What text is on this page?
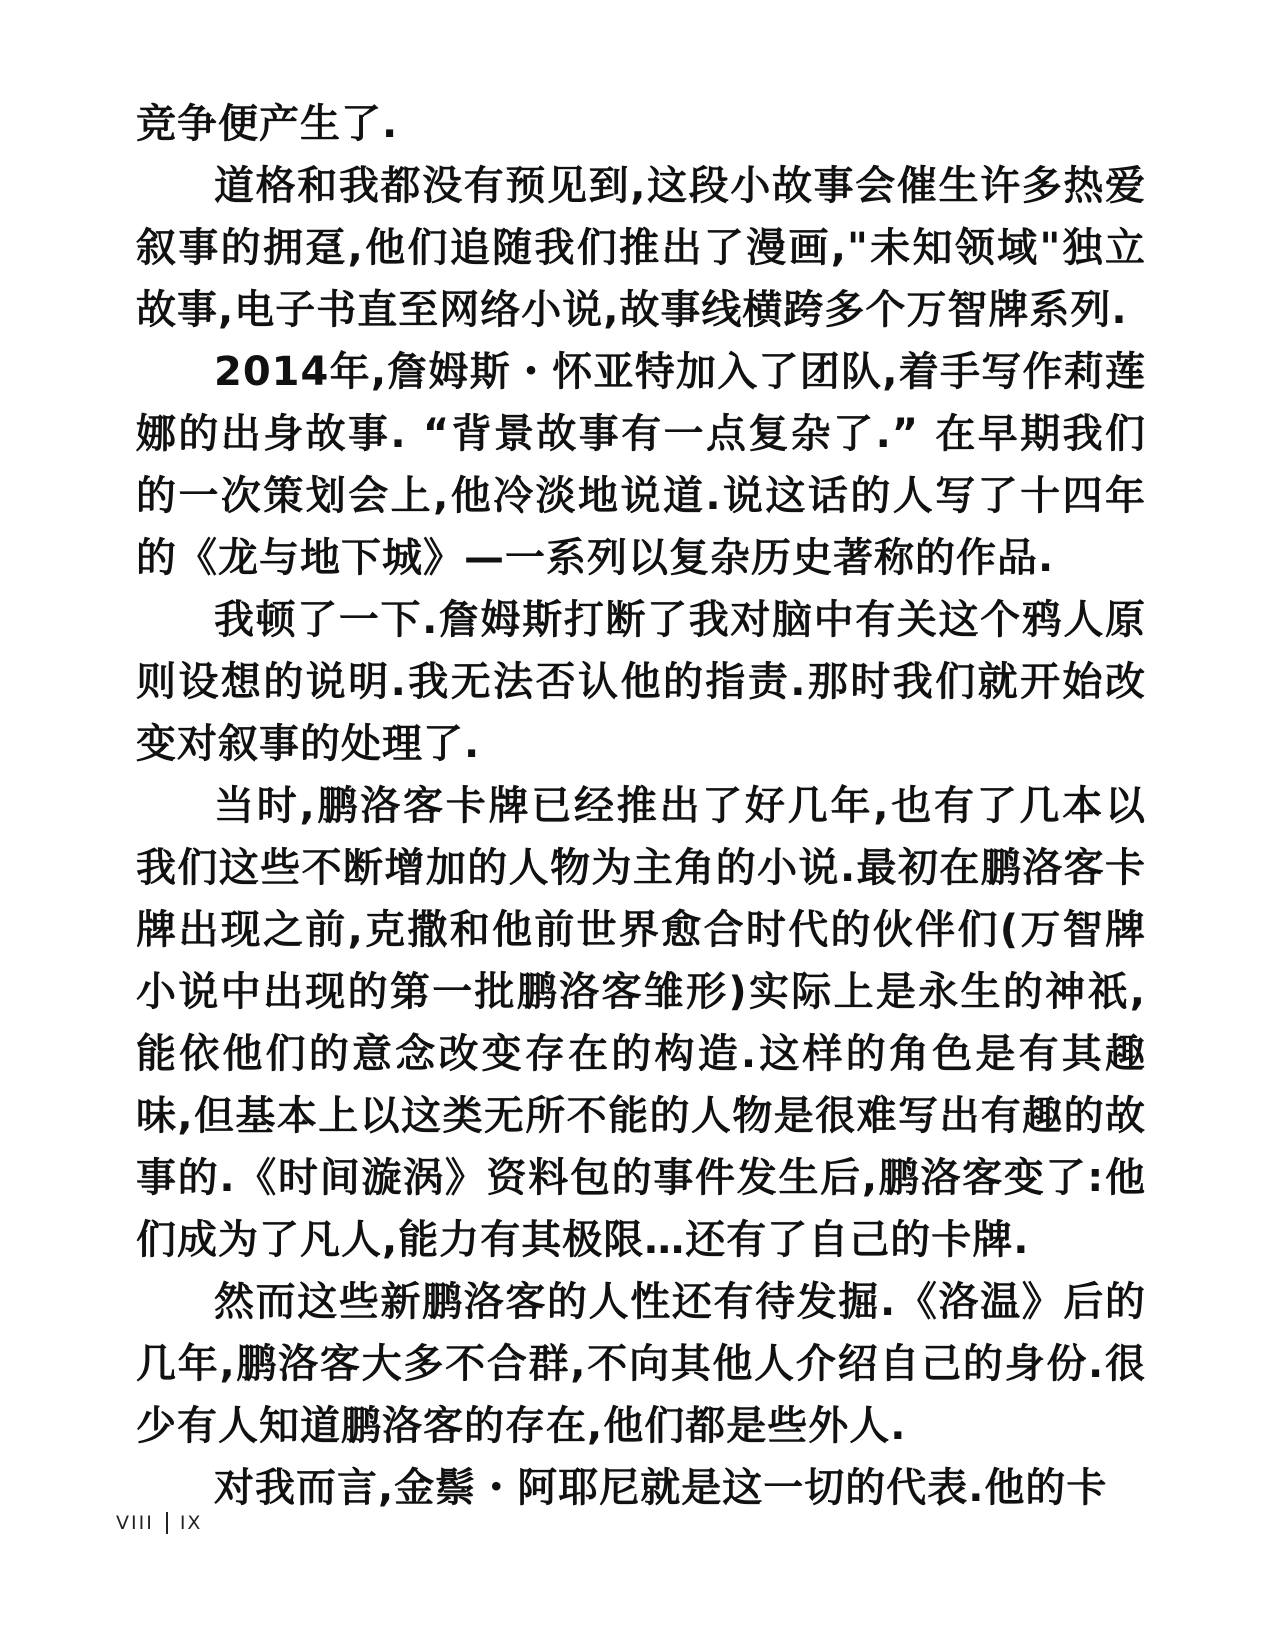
竞争便产生了.

道格和我都没有预见到,这段小故事会催生许多热爱叙事的拥趸,他们追随我们推出了漫画,"未知领域"独立故事,电子书直至网络小说,故事线横跨多个万智牌系列.

2014年,詹姆斯・怀亚特加入了团队,着手写作莉莲娜的出身故事. “背景故事有一点复杂了.” 在早期我们的一次策划会上,他冷淡地说道.说这话的人写了十四年的《龙与地下城》—一系列以复杂历史著称的作品.

我顿了一下.詹姆斯打断了我对脑中有关这个鸦人原则设想的说明.我无法否认他的指责.那时我们就开始改变对叙事的处理了.

当时,鹏洛客卡牌已经推出了好几年,也有了几本以我们这些不断增加的人物为主角的小说.最初在鹏洛客卡牌出现之前,克撒和他前世界愈合时代的伙伴们(万智牌小说中出现的第一批鹏洛客雏形)实际上是永生的神祇,能依他们的意念改变存在的构造.这样的角色是有其趣味,但基本上以这类无所不能的人物是很难写出有趣的故事的.《时间漩涡》资料包的事件发生后,鹏洛客变了:他们成为了凡人,能力有其极限…还有了自己的卡牌.

然而这些新鹏洛客的人性还有待发掘.《洛温》后的几年,鹏洛客大多不合群,不向其他人介绍自己的身份.很少有人知道鹏洛客的存在,他们都是些外人.

对我而言,金鬃・阿耶尼就是这一切的代表.他的卡

VIII IX
